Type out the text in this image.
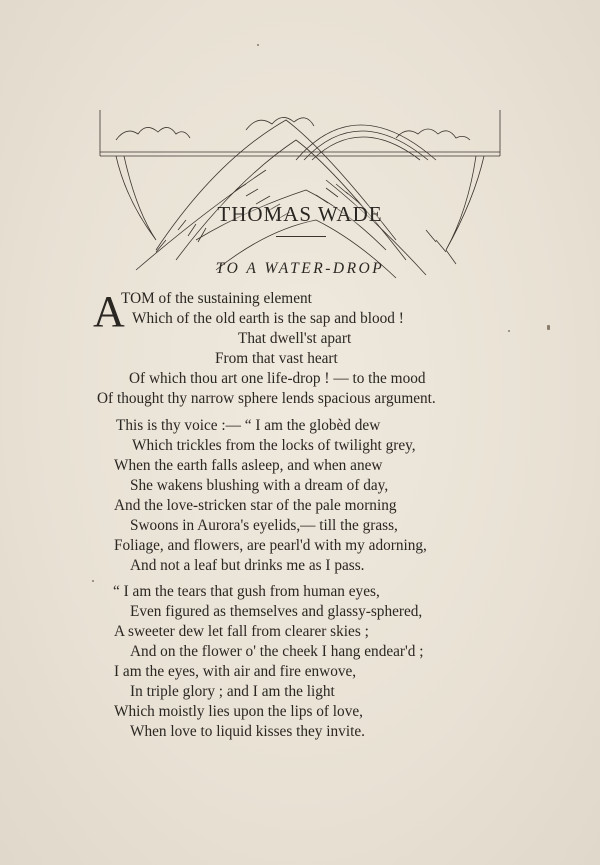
THOMAS WADE
TO A WATER-DROP
A
TOM of the sustaining element
Which of the old earth is the sap and blood !
That dwell'st apart
From that vast heart
Of which thou art one life-drop ! — to the mood
Of thought thy narrow sphere lends spacious argument.
This is thy voice :— “ I am the globèd dew
Which trickles from the locks of twilight grey,
When the earth falls asleep, and when anew
She wakens blushing with a dream of day,
And the love-stricken star of the pale morning
Swoons in Aurora's eyelids,— till the grass,
Foliage, and flowers, are pearl'd with my adorning,
And not a leaf but drinks me as I pass.
“ I am the tears that gush from human eyes,
Even figured as themselves and glassy-sphered,
A sweeter dew let fall from clearer skies ;
And on the flower o' the cheek I hang endear'd ;
I am the eyes, with air and fire enwove,
In triple glory ; and I am the light
Which moistly lies upon the lips of love,
When love to liquid kisses they invite.
